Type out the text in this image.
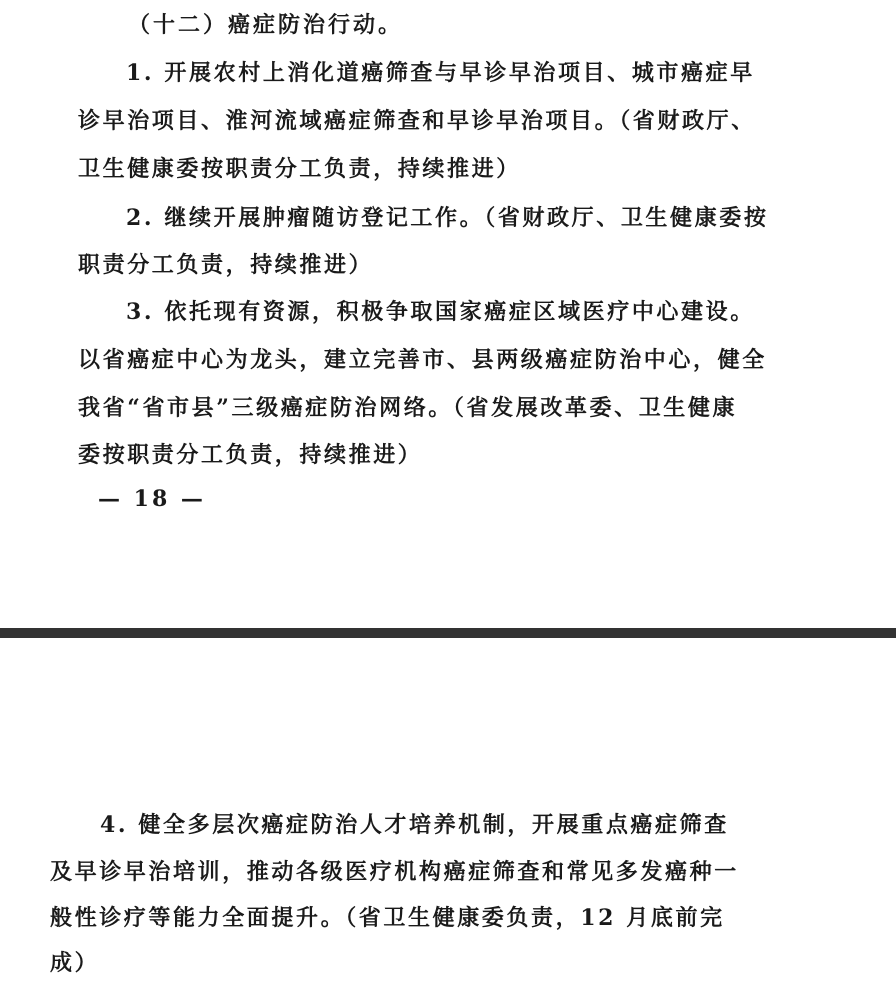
（十二）癌症防治行动。

1. 开展农村上消化道癌筛查与早诊早治项目、城市癌症早

诊早治项目、淮河流域癌症筛查和早诊早治项目。（省财政厅、

卫生健康委按职责分工负责，持续推进）

2. 继续开展肿瘤随访登记工作。（省财政厅、卫生健康委按

职责分工负责，持续推进）

3. 依托现有资源，积极争取国家癌症区域医疗中心建设。

以省癌症中心为龙头，建立完善市、县两级癌症防治中心，健全

我省“省市县”三级癌症防治网络。（省发展改革委、卫生健康

委按职责分工负责，持续推进）

— 18 —

4. 健全多层次癌症防治人才培养机制，开展重点癌症筛查

及早诊早治培训，推动各级医疗机构癌症筛查和常见多发癌种一

般性诊疗等能力全面提升。（省卫生健康委负责，12 月底前完

成）
